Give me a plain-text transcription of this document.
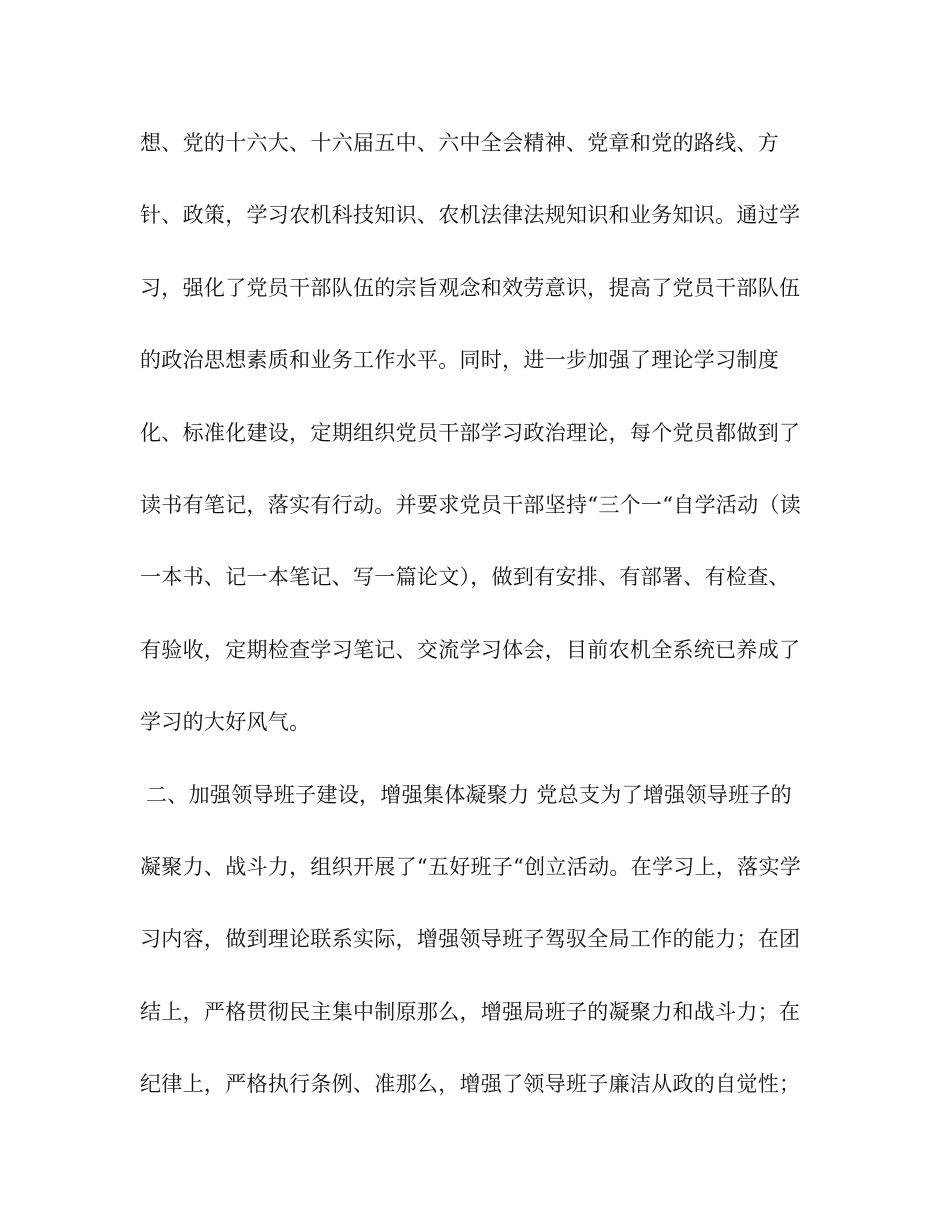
想、党的十六大、十六届五中、六中全会精神、党章和党的路线、方
针、政策，学习农机科技知识、农机法律法规知识和业务知识。通过学
习，强化了党员干部队伍的宗旨观念和效劳意识，提高了党员干部队伍
的政治思想素质和业务工作水平。同时，进一步加强了理论学习制度
化、标准化建设，定期组织党员干部学习政治理论，每个党员都做到了
读书有笔记，落实有行动。并要求党员干部坚持“三个一“自学活动（读
一本书、记一本笔记、写一篇论文），做到有安排、有部署、有检查、
有验收，定期检查学习笔记、交流学习体会，目前农机全系统已养成了
学习的大好风气。
二、加强领导班子建设，增强集体凝聚力 党总支为了增强领导班子的
凝聚力、战斗力，组织开展了“五好班子“创立活动。在学习上，落实学
习内容，做到理论联系实际，增强领导班子驾驭全局工作的能力；在团
结上，严格贯彻民主集中制原那么，增强局班子的凝聚力和战斗力；在
纪律上，严格执行条例、准那么，增强了领导班子廉洁从政的自觉性；
